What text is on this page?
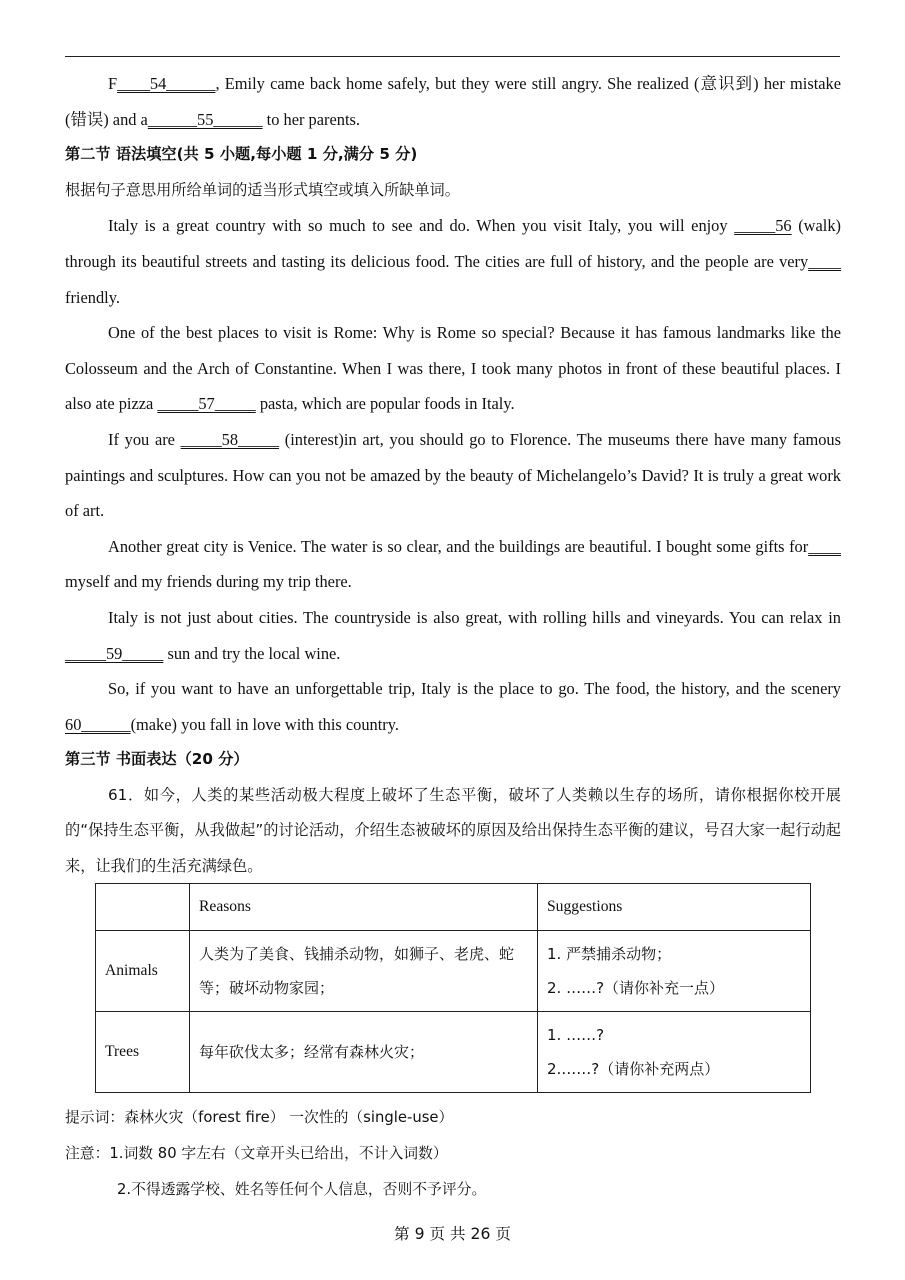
F____54______, Emily came back home safely, but they were still angry. She realized (意识到) her mistake (错误) and a______55______ to her parents.

第二节 语法填空(共 5 小题,每小题 1 分,满分 5 分)

根据句子意思用所给单词的适当形式填空或填入所缺单词。

Italy is a great country with so much to see and do. When you visit Italy, you will enjoy _____56 (walk) through its beautiful streets and tasting its delicious food. The cities are full of history, and the people are very____friendly.

One of the best places to visit is Rome: Why is Rome so special? Because it has famous landmarks like the Colosseum and the Arch of Constantine. When I was there, I took many photos in front of these beautiful places. I also ate pizza _____57_____ pasta, which are popular foods in Italy.

If you are _____58_____ (interest)in art, you should go to Florence. The museums there have many famous paintings and sculptures. How can you not be amazed by the beauty of Michelangelo’s David? It is truly a great work of art.

Another great city is Venice. The water is so clear, and the buildings are beautiful. I bought some gifts for____myself and my friends during my trip there.

Italy is not just about cities. The countryside is also great, with rolling hills and vineyards. You can relax in_____59_____ sun and try the local wine.

So, if you want to have an unforgettable trip, Italy is the place to go. The food, the history, and the scenery 60______(make) you fall in love with this country.

第三节 书面表达（20 分）

61．如今，人类的某些活动极大程度上破坏了生态平衡，破坏了人类赖以生存的场所，请你根据你校开展的“保持生态平衡，从我做起”的讨论活动，介绍生态被破坏的原因及给出保持生态平衡的建议，号召大家一起行动起来，让我们的生活充满绿色。

	Reasons	Suggestions
Animals	人类为了美食、钱捕杀动物，如狮子、老虎、蛇等；破坏动物家园；	1. 严禁捕杀动物；
2. ……?（请你补充一点）

Trees	每年砍伐太多；经常有森林火灾；	1. ……?
2.……?（请你补充两点）

提示词：森林火灾（forest fire） 一次性的（single-use）

注意：1.词数 80 字左右（文章开头已给出，不计入词数）

2.不得透露学校、姓名等任何个人信息，否则不予评分。

第 9 页 共 26 页
